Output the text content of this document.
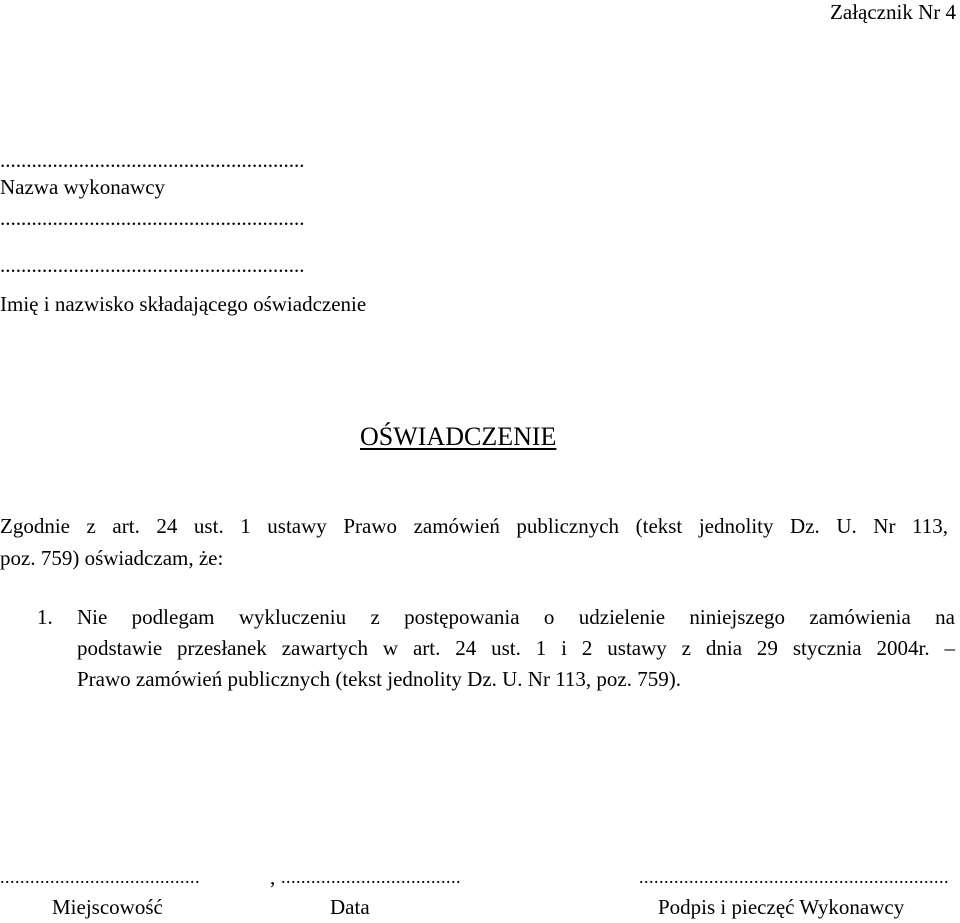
Załącznik Nr 4
..........................................................
Nazwa wykonawcy
..........................................................
..........................................................
Imię i nazwisko składającego oświadczenie
OŚWIADCZENIE
Zgodnie z art. 24 ust. 1 ustawy Prawo zamówień publicznych (tekst jednolity Dz. U. Nr 113,
poz. 759) oświadczam, że:
1. Nie podlegam wykluczeniu z postępowania o udzielenie niniejszego zamówienia na
podstawie przesłanek zawartych w art. 24 ust. 1 i 2 ustawy z dnia 29 stycznia 2004r. –
Prawo zamówień publicznych (tekst jednolity Dz. U. Nr 113, poz. 759).
........................................	, ....................................	..............................................................
Miejscowość	Data	Podpis i pieczęć Wykonawcy
